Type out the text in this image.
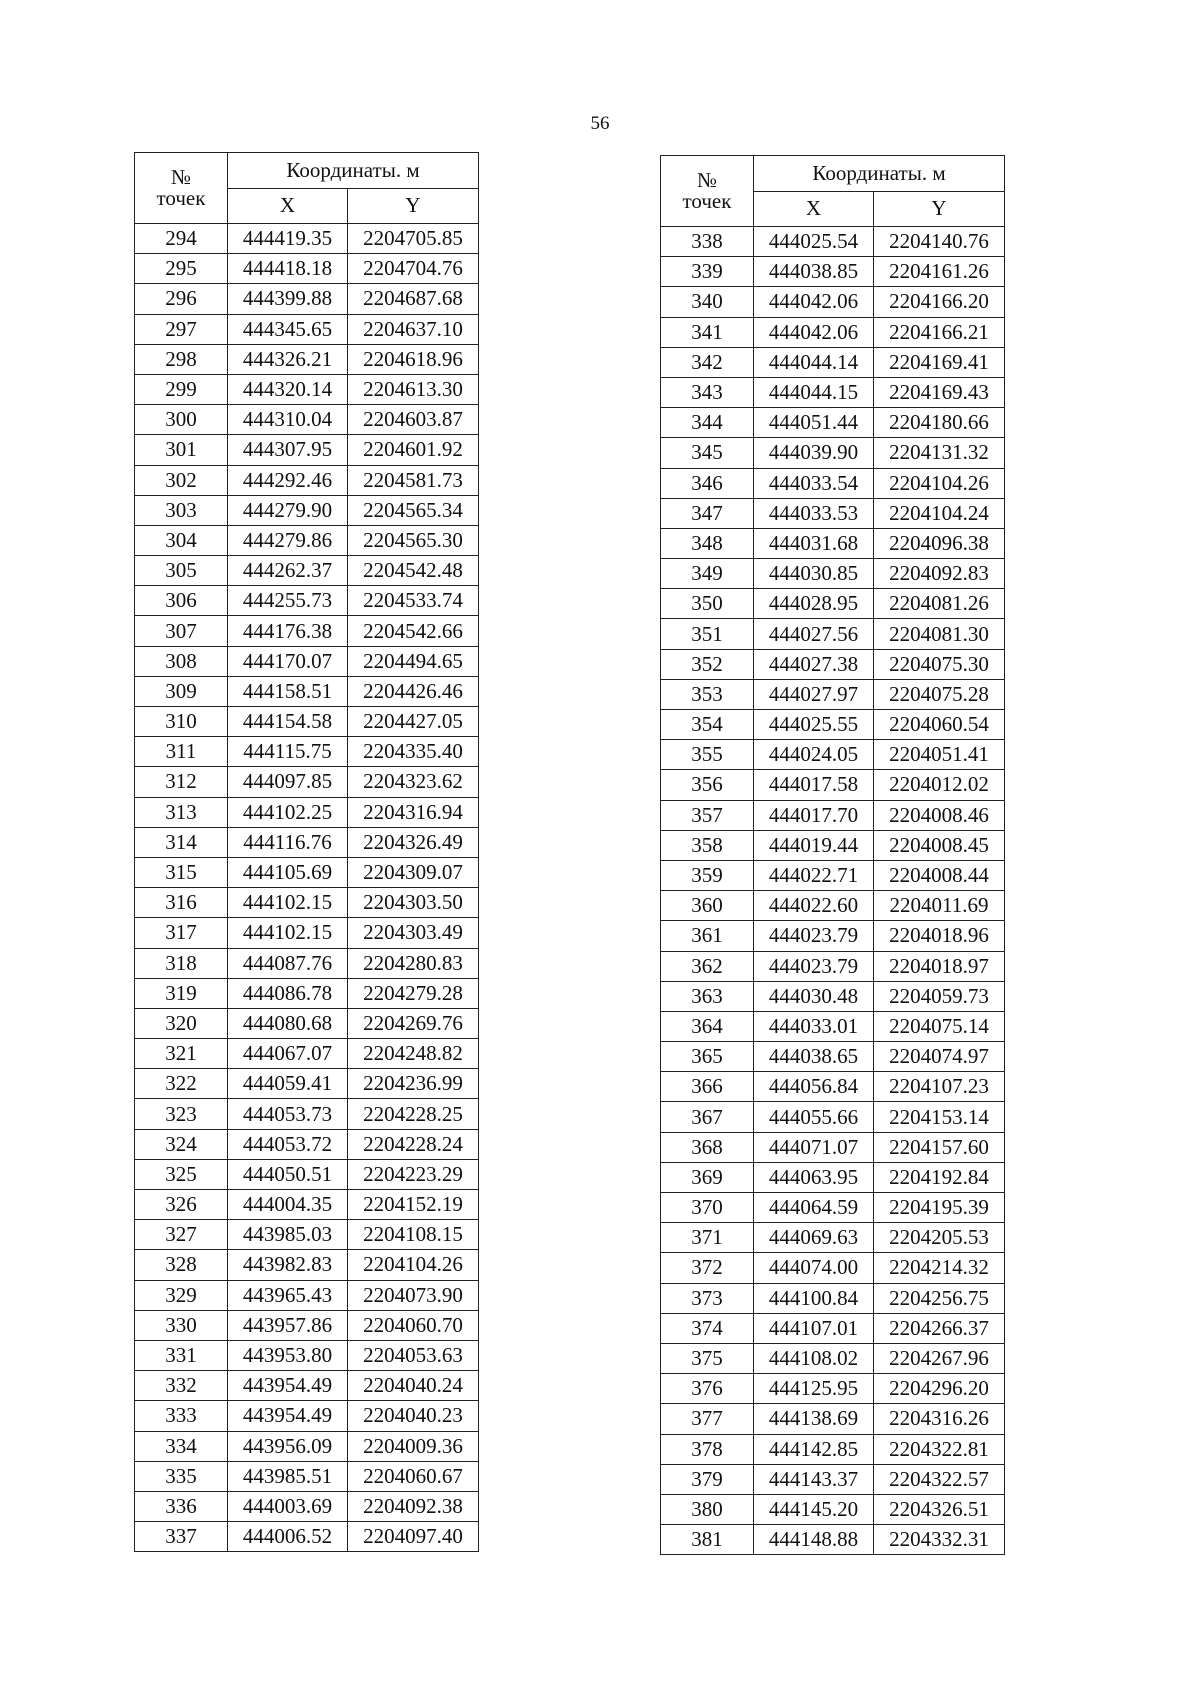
56
№
точек	Координаты. м	
	X	Y
294	444419.35	2204705.85
295	444418.18	2204704.76
296	444399.88	2204687.68
297	444345.65	2204637.10
298	444326.21	2204618.96
299	444320.14	2204613.30
300	444310.04	2204603.87
301	444307.95	2204601.92
302	444292.46	2204581.73
303	444279.90	2204565.34
304	444279.86	2204565.30
305	444262.37	2204542.48
306	444255.73	2204533.74
307	444176.38	2204542.66
308	444170.07	2204494.65
309	444158.51	2204426.46
310	444154.58	2204427.05
311	444115.75	2204335.40
312	444097.85	2204323.62
313	444102.25	2204316.94
314	444116.76	2204326.49
315	444105.69	2204309.07
316	444102.15	2204303.50
317	444102.15	2204303.49
318	444087.76	2204280.83
319	444086.78	2204279.28
320	444080.68	2204269.76
321	444067.07	2204248.82
322	444059.41	2204236.99
323	444053.73	2204228.25
324	444053.72	2204228.24
325	444050.51	2204223.29
326	444004.35	2204152.19
327	443985.03	2204108.15
328	443982.83	2204104.26
329	443965.43	2204073.90
330	443957.86	2204060.70
331	443953.80	2204053.63
332	443954.49	2204040.24
333	443954.49	2204040.23
334	443956.09	2204009.36
335	443985.51	2204060.67
336	444003.69	2204092.38
337	444006.52	2204097.40
№
точек	Координаты. м	
	X	Y
338	444025.54	2204140.76
339	444038.85	2204161.26
340	444042.06	2204166.20
341	444042.06	2204166.21
342	444044.14	2204169.41
343	444044.15	2204169.43
344	444051.44	2204180.66
345	444039.90	2204131.32
346	444033.54	2204104.26
347	444033.53	2204104.24
348	444031.68	2204096.38
349	444030.85	2204092.83
350	444028.95	2204081.26
351	444027.56	2204081.30
352	444027.38	2204075.30
353	444027.97	2204075.28
354	444025.55	2204060.54
355	444024.05	2204051.41
356	444017.58	2204012.02
357	444017.70	2204008.46
358	444019.44	2204008.45
359	444022.71	2204008.44
360	444022.60	2204011.69
361	444023.79	2204018.96
362	444023.79	2204018.97
363	444030.48	2204059.73
364	444033.01	2204075.14
365	444038.65	2204074.97
366	444056.84	2204107.23
367	444055.66	2204153.14
368	444071.07	2204157.60
369	444063.95	2204192.84
370	444064.59	2204195.39
371	444069.63	2204205.53
372	444074.00	2204214.32
373	444100.84	2204256.75
374	444107.01	2204266.37
375	444108.02	2204267.96
376	444125.95	2204296.20
377	444138.69	2204316.26
378	444142.85	2204322.81
379	444143.37	2204322.57
380	444145.20	2204326.51
381	444148.88	2204332.31
